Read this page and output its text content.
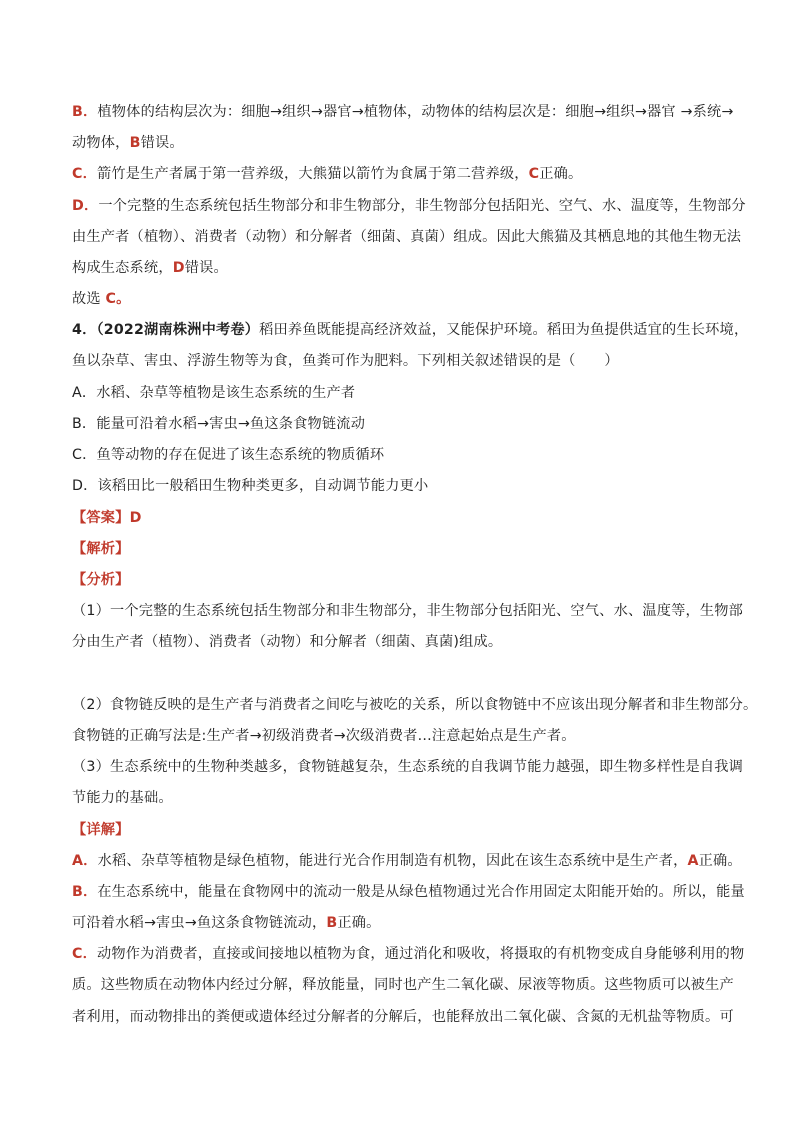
B．植物体的结构层次为：细胞→组织→器官→植物体，动物体的结构层次是：细胞→组织→器官 →系统→
动物体，B错误。
C．箭竹是生产者属于第一营养级，大熊猫以箭竹为食属于第二营养级，C正确。
D．一个完整的生态系统包括生物部分和非生物部分，非生物部分包括阳光、空气、水、温度等，生物部分
由生产者（植物）、消费者（动物）和分解者（细菌、真菌）组成。因此大熊猫及其栖息地的其他生物无法
构成生态系统，D错误。
故选 C。
4．（2022湖南株洲中考卷）稻田养鱼既能提高经济效益，又能保护环境。稻田为鱼提供适宜的生长环境，
鱼以杂草、害虫、浮游生物等为食，鱼粪可作为肥料。下列相关叙述错误的是（　　）
A．水稻、杂草等植物是该生态系统的生产者
B．能量可沿着水稻→害虫→鱼这条食物链流动
C．鱼等动物的存在促进了该生态系统的物质循环
D．该稻田比一般稻田生物种类更多，自动调节能力更小
【答案】D
【解析】
【分析】
（1）一个完整的生态系统包括生物部分和非生物部分，非生物部分包括阳光、空气、水、温度等，生物部
分由生产者（植物）、消费者（动物）和分解者（细菌、真菌)组成。
（2）食物链反映的是生产者与消费者之间吃与被吃的关系，所以食物链中不应该出现分解者和非生物部分。
食物链的正确写法是:生产者→初级消费者→次级消费者...注意起始点是生产者。
（3）生态系统中的生物种类越多，食物链越复杂，生态系统的自我调节能力越强，即生物多样性是自我调
节能力的基础。
【详解】
A．水稻、杂草等植物是绿色植物，能进行光合作用制造有机物，因此在该生态系统中是生产者，A正确。
B．在生态系统中，能量在食物网中的流动一般是从绿色植物通过光合作用固定太阳能开始的。所以，能量
可沿着水稻→害虫→鱼这条食物链流动，B正确。
C．动物作为消费者，直接或间接地以植物为食，通过消化和吸收，将摄取的有机物变成自身能够利用的物
质。这些物质在动物体内经过分解，释放能量，同时也产生二氧化碳、尿液等物质。这些物质可以被生产
者利用，而动物排出的粪便或遗体经过分解者的分解后，也能释放出二氧化碳、含氮的无机盐等物质。可
